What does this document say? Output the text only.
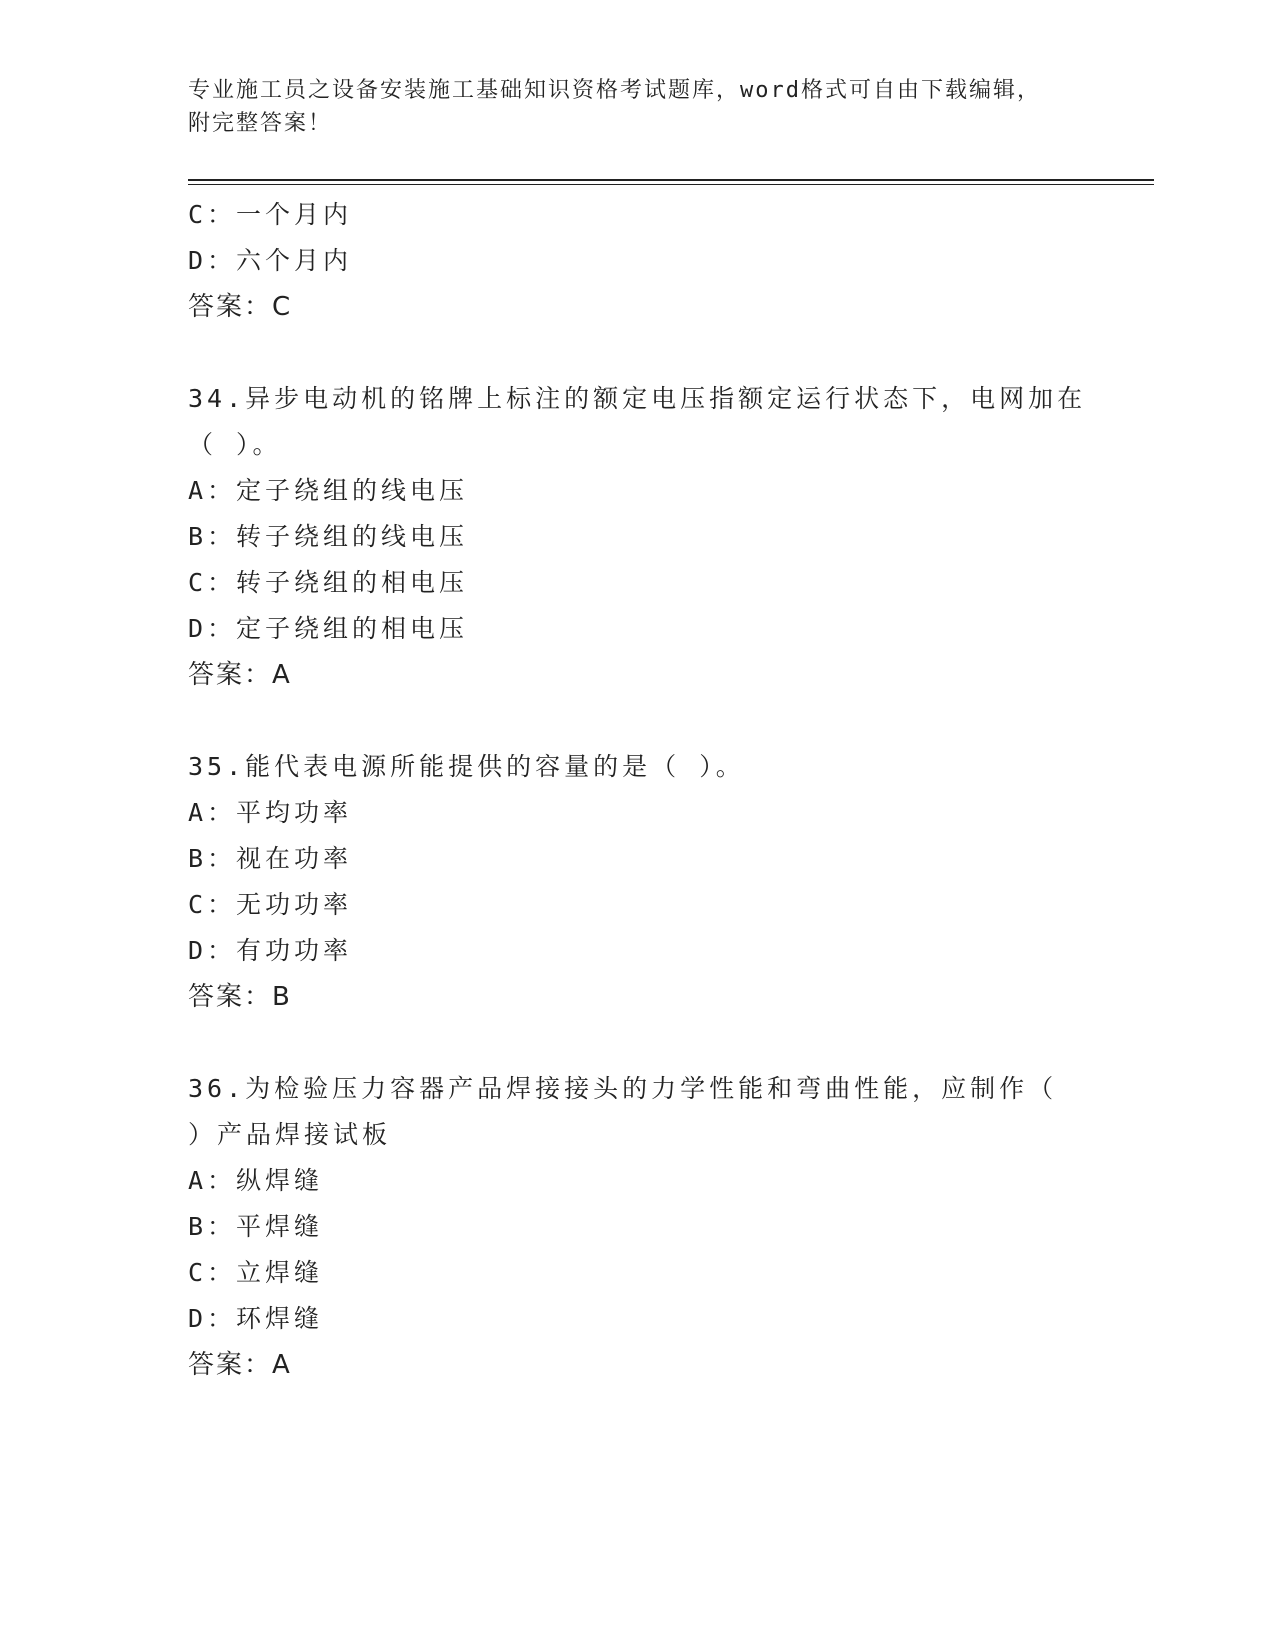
专业施工员之设备安装施工基础知识资格考试题库，word格式可自由下载编辑，
附完整答案！
C：一个月内
D：六个月内
答案：C
34.异步电动机的铭牌上标注的额定电压指额定运行状态下，电网加在
（ ）。
A：定子绕组的线电压
B：转子绕组的线电压
C：转子绕组的相电压
D：定子绕组的相电压
答案：A
35.能代表电源所能提供的容量的是（ ）。
A：平均功率
B：视在功率
C：无功功率
D：有功功率
答案：B
36.为检验压力容器产品焊接接头的力学性能和弯曲性能，应制作（
）产品焊接试板
A：纵焊缝
B：平焊缝
C：立焊缝
D：环焊缝
答案：A
